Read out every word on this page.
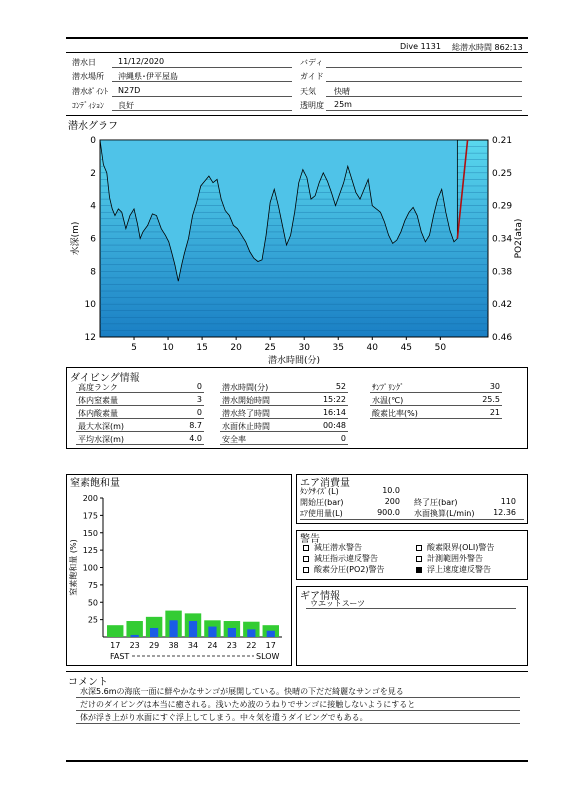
Dive 1131 総潜水時間 862:13
潜水日	11/12/2020	バディ
潜水場所 沖縄県･伊平屋島	ガイド
潜水ﾎﾟｲﾝﾄ N27D	天気 快晴
ｺﾝﾃﾞｨｼｮﾝ 良好	透明度 25m
潜水グラフ
5	10	15	20	25	30	35	40	45	50
0
2
4
6
8
10
12
0.21
0.25
0.29
0.34
0.38
0.42
0.46
潜水時間(分)
水深(m)	PO2(ata)
ダイビング情報
高度ランク	0
体内窒素量	3
体内酸素量	0
最大水深(m)	8.7
平均水深(m)	4.0
潜水時間(分)	52
潜水開始時間	15:22
潜水終了時間	16:14
水面休止時間	00:48
安全率	0
ｻﾝﾌﾟﾘﾝｸﾞ	30
水温(℃)	25.5
酸素比率(%)	21
窒素飽和量
200
175
150
125
100
75
50
25
17 23 29 38 34 24 23 22 17
窒素飽和量 (%)
FAST	SLOW
エア消費量
ﾀﾝｸｻｲｽﾞ(L)	10.0
開始圧(bar)	200 終了圧(bar)	110
ｴｱ使用量(L)	900.0 水面換算(L/min)	12.36
警告
減圧潜水警告	酸素限界(OLI)警告
減圧指示違反警告	計測範囲外警告
酸素分圧(PO2)警告	浮上速度違反警告
ギア情報
ウエットスーツ
コメント
水深5.6mの海底一面に鮮やかなサンゴが展開している。快晴の下だだ綺麗なサンゴを見る
だけのダイビングは本当に癒される。浅いため波のうねりでサンゴに接触しないようにすると
体が浮き上がり水面にすぐ浮上してしまう。中々気を遣うダイビングでもある。
